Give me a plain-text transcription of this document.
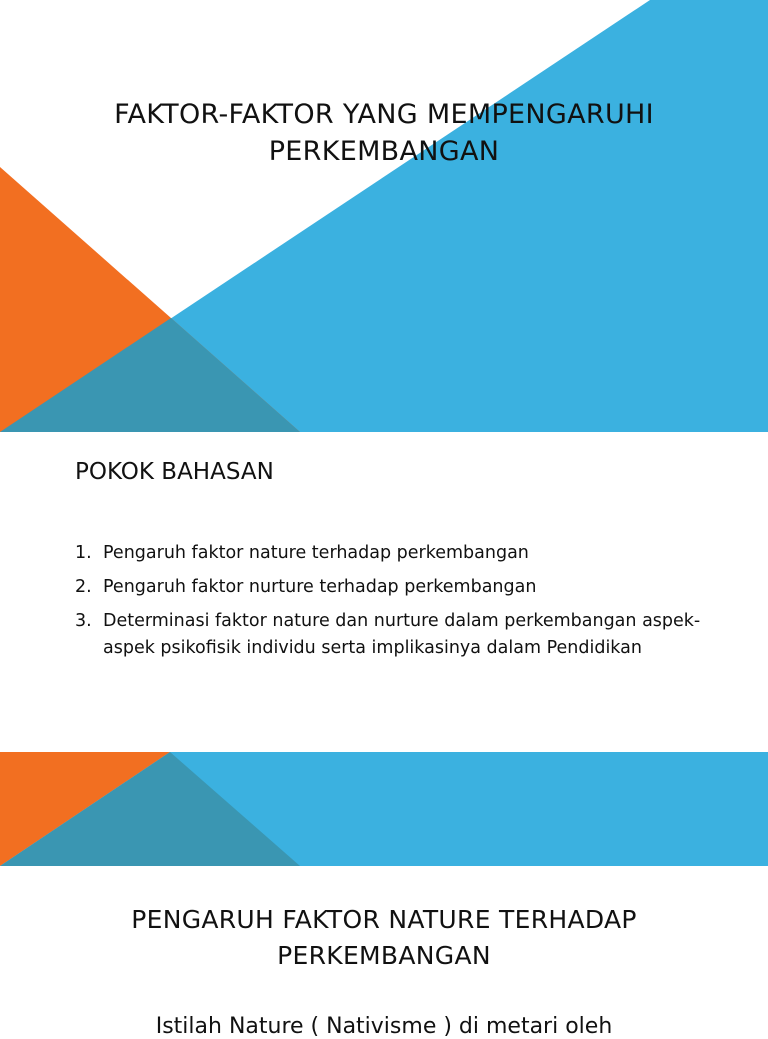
FAKTOR-FAKTOR YANG MEMPENGARUHI PERKEMBANGAN
POKOK BAHASAN
1. Pengaruh faktor nature terhadap perkembangan
2. Pengaruh faktor nurture terhadap perkembangan
3. Determinasi faktor nature dan nurture dalam perkembangan aspek-aspek psikofisik individu serta implikasinya dalam Pendidikan
PENGARUH FAKTOR NATURE TERHADAP PERKEMBANGAN
Istilah Nature ( Nativisme ) di metari oleh
